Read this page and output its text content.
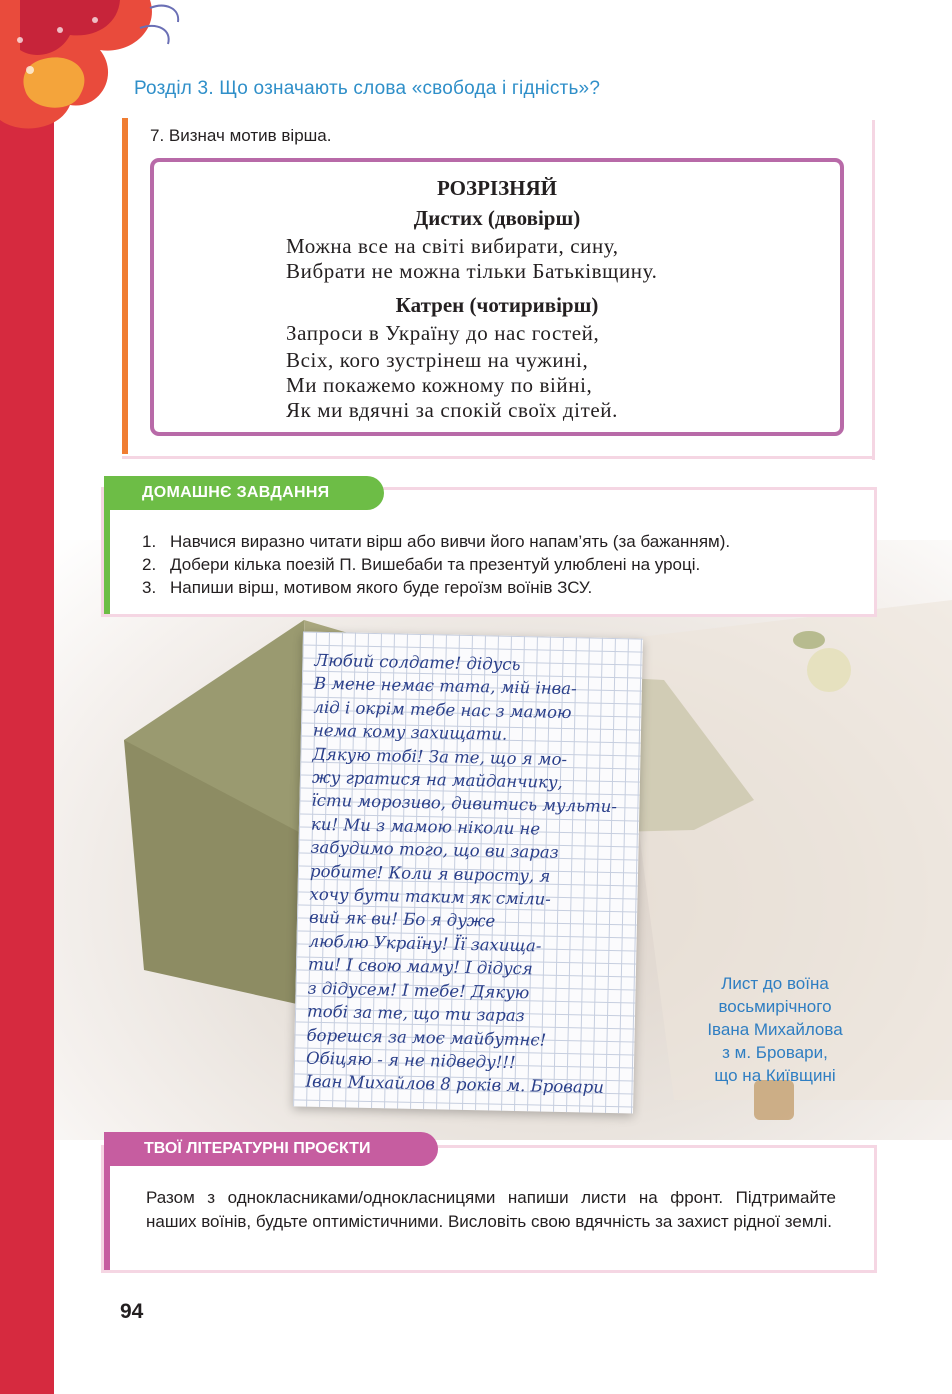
Розділ 3. Що означають слова «свобода і гідність»?
7. Визнач мотив вірша.
РОЗРІЗНЯЙ
Дистих (двовірш)
Можна все на світі вибирати, сину,
Вибрати не можна тільки Батьківщину.
Катрен (чотиривірш)
Запроси в Україну до нас гостей,
Всіх, кого зустрінеш на чужині,
Ми покажемо кожному по війні,
Як ми вдячні за спокій своїх дітей.
Любий солдате! дідусь
В мене немає тата, мій інва-
лід і окрім тебе нас з мамою
нема кому захищати.
Дякую тобі! За те, що я мо-
жу гратися на майданчику,
їсти морозиво, дивитись мульти-
ки! Ми з мамою ніколи не
забудимо того, що ви зараз
робите! Коли я виросту, я
хочу бути таким як сміли-
вий як ви! Бо я дуже
люблю Україну! Її захища-
ти! І свою маму! І дідуся
з дідусем! І тебе! Дякую
тобі за те, що ти зараз
борешся за моє майбутнє!
Обіцяю - я не підведу!!!
Іван Михайлов 8 років м. Бровари
Лист до воїна
восьмирічного
Івана Михайлова
з м. Бровари,
що на Київщині
ДОМАШНЄ ЗАВДАННЯ
1. Навчися виразно читати вірш або вивчи його напам’ять (за бажанням).
2. Добери кілька поезій П. Вишебаби та презентуй улюблені на уроці.
3. Напиши вірш, мотивом якого буде героїзм воїнів ЗСУ.
ТВОЇ ЛІТЕРАТУРНІ ПРОЄКТИ
Разом з однокласниками/однокласницями напиши листи на фронт. Підтримайте наших воїнів, будьте оптимістичними. Висловіть свою вдячність за захист рідної землі.
94
